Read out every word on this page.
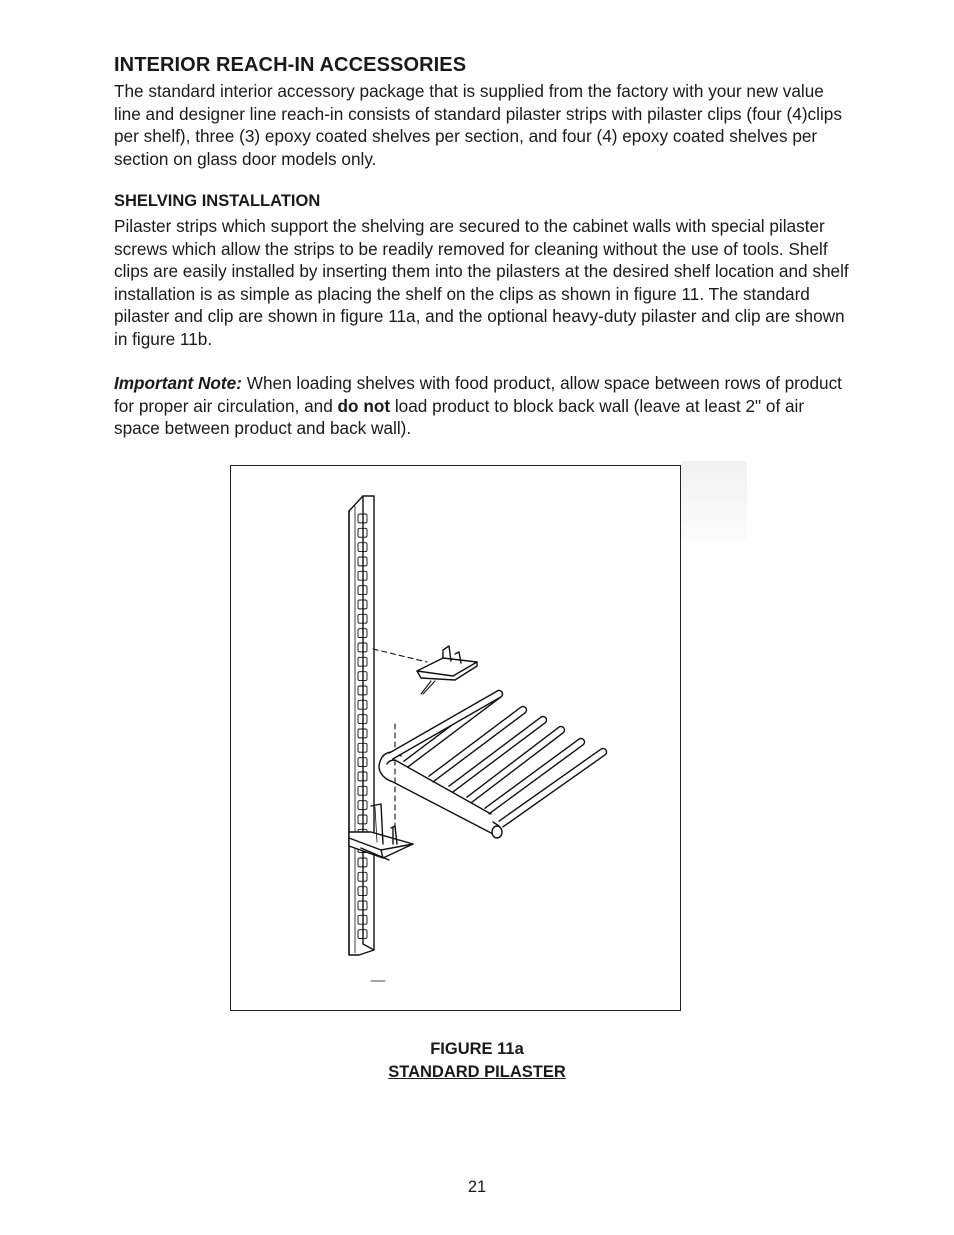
INTERIOR REACH-IN ACCESSORIES

The standard interior accessory package that is supplied from the factory with your new value line and designer line reach-in consists of standard pilaster strips with pilaster clips (four (4)clips per shelf), three (3) epoxy coated shelves per section, and four (4) epoxy coated shelves per section on glass door models only.

SHELVING INSTALLATION

Pilaster strips which support the shelving are secured to the cabinet walls with special pilaster screws which allow the strips to be readily removed for cleaning without the use of tools. Shelf clips are easily installed by inserting them into the pilasters at the desired shelf location and shelf installation is as simple as placing the shelf on the clips as shown in figure 11. The standard pilaster and clip are shown in figure 11a, and the optional heavy-duty pilaster and clip are shown in figure 11b.

Important Note: When loading shelves with food product, allow space between rows of product for proper air circulation, and do not load product to block back wall (leave at least 2" of air space between product and back wall).

FIGURE 11a

STANDARD PILASTER

21
